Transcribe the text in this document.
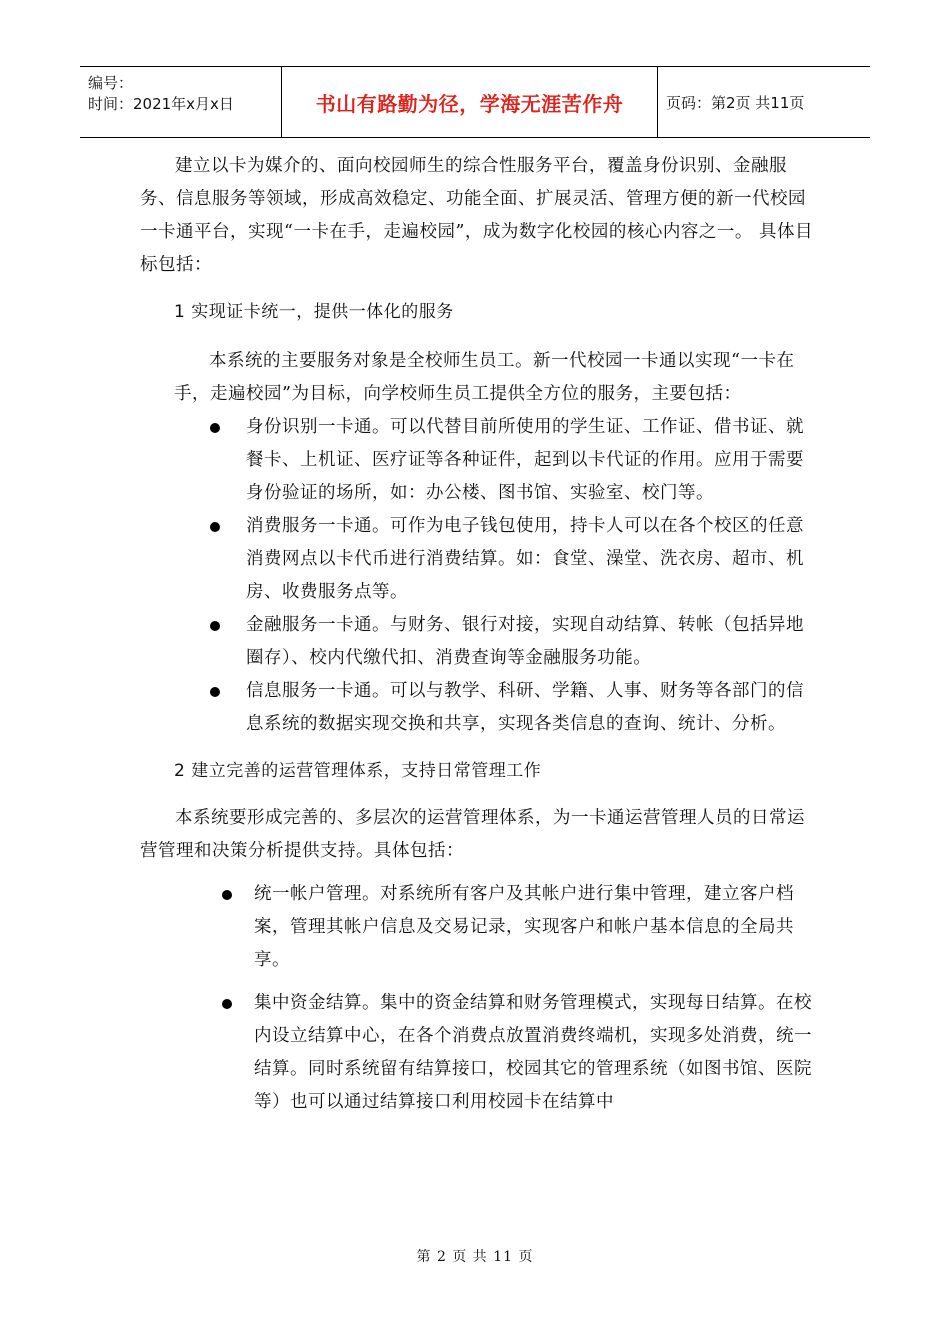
编号：
时间：2021年x月x日	书山有路勤为径，学海无涯苦作舟	页码：第2页 共11页

建立以卡为媒介的、面向校园师生的综合性服务平台，覆盖身份识别、金融服务、信息服务等领域，形成高效稳定、功能全面、扩展灵活、管理方便的新一代校园一卡通平台，实现“一卡在手，走遍校园”，成为数字化校园的核心内容之一。 具体目标包括：

1 实现证卡统一，提供一体化的服务

本系统的主要服务对象是全校师生员工。新一代校园一卡通以实现“一卡在手，走遍校园”为目标，向学校师生员工提供全方位的服务，主要包括：

身份识别一卡通。可以代替目前所使用的学生证、工作证、借书证、就餐卡、上机证、医疗证等各种证件，起到以卡代证的作用。应用于需要身份验证的场所，如：办公楼、图书馆、实验室、校门等。
消费服务一卡通。可作为电子钱包使用，持卡人可以在各个校区的任意消费网点以卡代币进行消费结算。如：食堂、澡堂、洗衣房、超市、机房、收费服务点等。
金融服务一卡通。与财务、银行对接，实现自动结算、转帐（包括异地圈存）、校内代缴代扣、消费查询等金融服务功能。
信息服务一卡通。可以与教学、科研、学籍、人事、财务等各部门的信息系统的数据实现交换和共享，实现各类信息的查询、统计、分析。

2 建立完善的运营管理体系，支持日常管理工作

本系统要形成完善的、多层次的运营管理体系，为一卡通运营管理人员的日常运营管理和决策分析提供支持。具体包括：

统一帐户管理。对系统所有客户及其帐户进行集中管理，建立客户档案，管理其帐户信息及交易记录，实现客户和帐户基本信息的全局共享。
集中资金结算。集中的资金结算和财务管理模式，实现每日结算。在校内设立结算中心，在各个消费点放置消费终端机，实现多处消费，统一结算。同时系统留有结算接口，校园其它的管理系统（如图书馆、医院等）也可以通过结算接口利用校园卡在结算中
第 2 页 共 11 页
